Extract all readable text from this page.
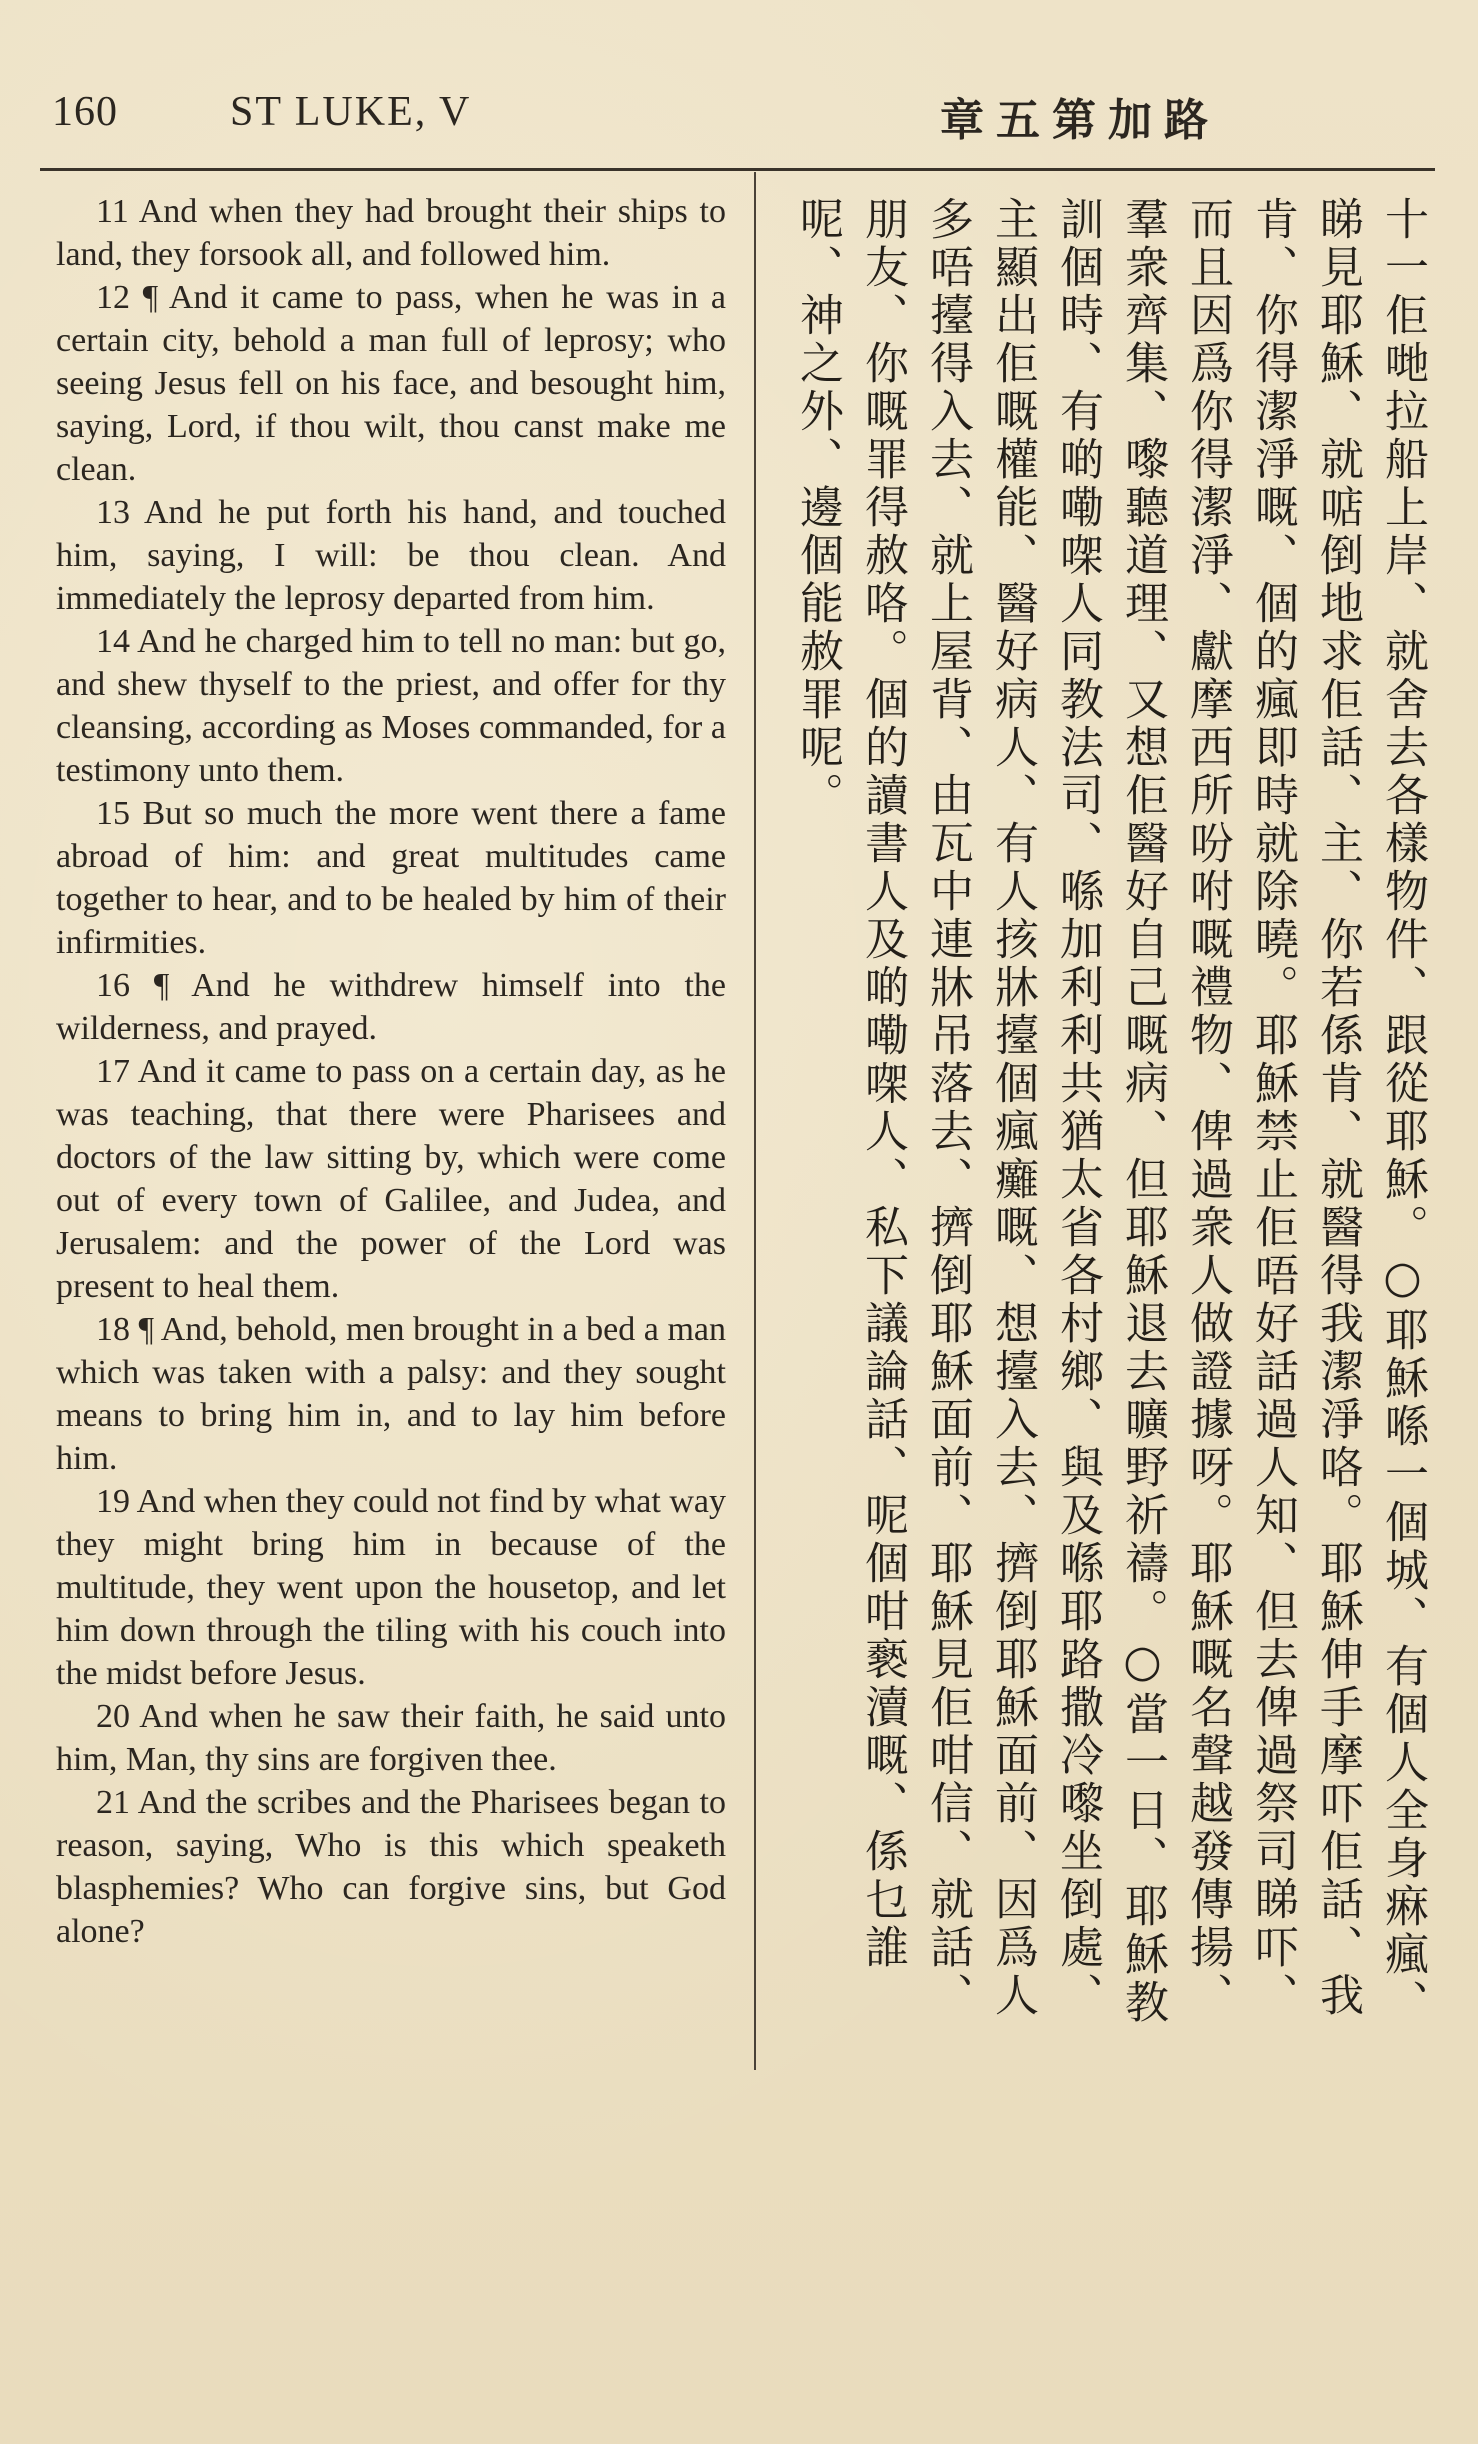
160	ST LUKE, V	章五第加路

11 And when they had brought their ships to land, they forsook all, and followed him.

12 ¶ And it came to pass, when he was in a certain city, behold a man full of leprosy; who seeing Jesus fell on his face, and besought him, saying, Lord, if thou wilt, thou canst make me clean.

13 And he put forth his hand, and touched him, saying, I will: be thou clean. And immediately the leprosy departed from him.

14 And he charged him to tell no man: but go, and shew thyself to the priest, and offer for thy cleansing, according as Moses commanded, for a testimony unto them.

15 But so much the more went there a fame abroad of him: and great multitudes came together to hear, and to be healed by him of their infirmities.

16 ¶ And he withdrew himself into the wilderness, and prayed.

17 And it came to pass on a certain day, as he was teaching, that there were Pharisees and doctors of the law sitting by, which were come out of every town of Galilee, and Judea, and Jerusalem: and the power of the Lord was present to heal them.

18 ¶ And, behold, men brought in a bed a man which was taken with a palsy: and they sought means to bring him in, and to lay him before him.

19 And when they could not find by what way they might bring him in because of the multitude, they went upon the housetop, and let him down through the tiling with his couch into the midst before Jesus.

20 And when he saw their faith, he said unto him, Man, thy sins are forgiven thee.

21 And the scribes and the Pharisees began to reason, saying, Who is this which speaketh blasphemies? Who can forgive sins, but God alone?	十一佢哋拉船上岸、就舍去各樣物件、跟從耶穌。○耶穌喺一個城、有個人全身痳瘋、睇見耶穌、就𠶧倒地求佢話、主、你若係肯、就醫得我潔淨咯。耶穌伸手摩吓佢話、我肯、你得潔淨嘅、個的瘋即時就除曉。耶穌禁止佢唔好話過人知、但去俾過祭司睇吓、而且因爲你得潔淨、獻摩西所吩咐嘅禮物、俾過衆人做證據呀。耶穌嘅名聲越發傳揚、羣衆齊集、嚟聽道理、又想佢醫好自己嘅病、但耶穌退去曠野祈禱。○當一日、耶穌教訓個時、有啲嘞㗎人同教法司、喺加利利共猶太省各村鄉、與及喺耶路撒冷嚟坐倒處、主顯出佢嘅權能、醫好病人、有人㧡牀擡個瘋癱嘅、想擡入去、擠倒耶穌面前、因爲人多唔擡得入去、就上屋背、由瓦中連牀吊落去、擠倒耶穌面前、耶穌見佢咁信、就話、朋友、你嘅罪得赦咯。個的讀書人及啲嘞㗎人、私下議論話、呢個咁褻瀆嘅、係乜誰呢、神之外、邊個能赦罪呢。
